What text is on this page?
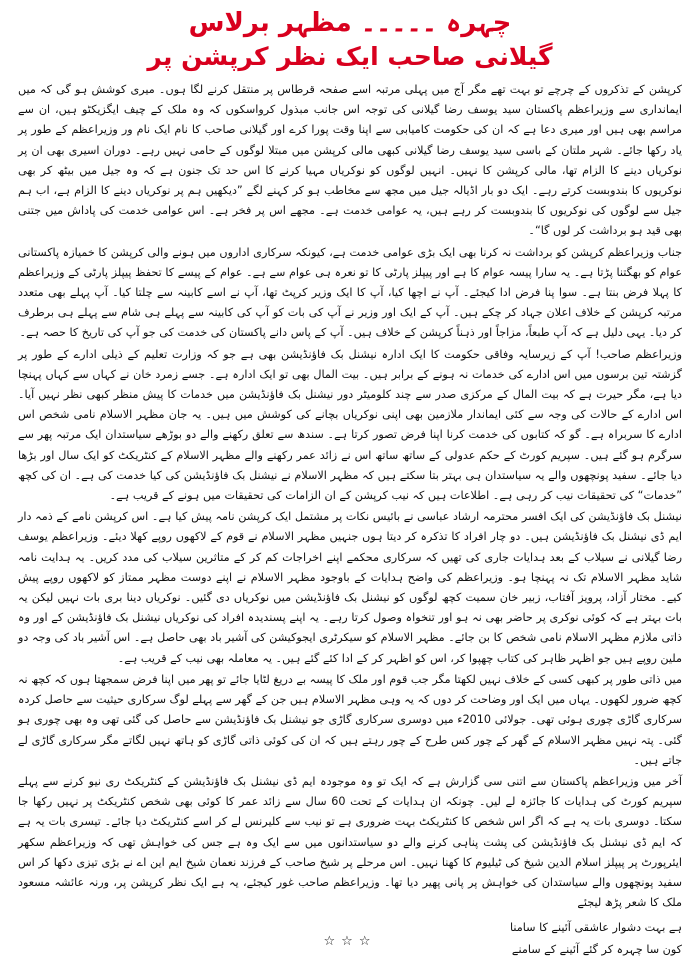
چہرہ ۔۔۔۔۔ مظہر برلاس
گیلانی صاحب ایک نظر کرپشن پر

کرپشن کے تذکروں کے چرچے تو بہت تھے مگر آج میں پہلی مرتبہ اسے صفحہ قرطاس پر منتقل کرنے لگا ہوں۔ میری کوشش ہو گی کہ میں ایمانداری سے وزیراعظم پاکستان سید یوسف رضا گیلانی کی توجہ اس جانب مبذول کرواسکوں کہ وہ ملک کے چیف ایگزیکٹو ہیں، ان سے مراسم بھی ہیں اور میری دعا ہے کہ ان کی حکومت کامیابی سے اپنا وقت پورا کرے اور گیلانی صاحب کا نام ایک نام ور وزیراعظم کے طور پر یاد رکھا جائے۔ شہر ملتان کے باسی سید یوسف رضا گیلانی کبھی مالی کرپشن میں مبتلا لوگوں کے حامی نہیں رہے۔ دوران اسیری بھی ان پر نوکریاں دینے کا الزام تھا، مالی کرپشن کا نہیں۔ انہیں لوگوں کو نوکریاں مہیا کرنے کا اس حد تک جنون ہے کہ وہ جیل میں بیٹھ کر بھی نوکریوں کا بندوبست کرتے رہے۔ ایک دو بار اڈیالہ جیل میں مجھ سے مخاطب ہو کر کہنے لگے ”دیکھیں ہم پر نوکریاں دینے کا الزام ہے، اب ہم جیل سے لوگوں کی نوکریوں کا بندوبست کر رہے ہیں، یہ عوامی خدمت ہے۔ مجھے اس پر فخر ہے۔ اس عوامی خدمت کی پاداش میں جتنی بھی قید ہو برداشت کر لوں گا“۔

جناب وزیراعظم کرپشن کو برداشت نہ کرنا بھی ایک بڑی عوامی خدمت ہے، کیونکہ سرکاری اداروں میں ہونے والی کرپشن کا خمیازہ پاکستانی عوام کو بھگتنا پڑتا ہے۔ یہ سارا پیسہ عوام کا ہے اور پیپلز پارٹی کا تو نعرہ ہی عوام سے ہے۔ عوام کے پیسے کا تحفظ پیپلز پارٹی کے وزیراعظم کا پہلا فرض بنتا ہے۔ سوا پنا فرض ادا کیجئے۔ آپ نے اچھا کیا، آپ کا ایک وزیر کرپٹ تھا، آپ نے اسے کابینہ سے چلتا کیا۔ آپ پہلے بھی متعدد مرتبہ کرپشن کے خلاف اعلان جہاد کر چکے ہیں۔ آپ کے ایک اور وزیر نے آپ کی بات کو آپ کی کابینہ سے پہلے ہی شام سے پہلے ہی برطرف کر دیا۔ یہی دلیل ہے کہ آپ طبعاً، مزاجاً اور ذہناً کرپشن کے خلاف ہیں۔ آپ کے پاس دانے پاکستان کی خدمت کی جو آپ کی تاریخ کا حصہ ہے۔

وزیراعظم صاحب! آپ کے زیرسایہ وفاقی حکومت کا ایک ادارہ نیشنل بک فاؤنڈیشن بھی ہے جو کہ وزارت تعلیم کے ذیلی ادارے کے طور پر گزشتہ تین برسوں میں اس ادارے کی خدمات نہ ہونے کے برابر ہیں۔ بیت المال بھی تو ایک ادارہ ہے۔ جسے زمرد خان نے کہاں سے کہاں پہنچا دیا ہے، مگر حیرت ہے کہ بیت المال کے مرکزی صدر سے چند کلومیٹر دور نیشنل بک فاؤنڈیشن میں خدمات کا پیش منظر کبھی نظر نہیں آیا۔ اس ادارے کے حالات کی وجہ سے کئی ایماندار ملازمین بھی اپنی نوکریاں بچانے کی کوشش میں ہیں۔ یہ جان مظہر الاسلام نامی شخص اس ادارے کا سربراہ ہے۔ گو کہ کتابوں کی خدمت کرنا اپنا فرض تصور کرتا ہے۔ سندھ سے تعلق رکھنے والے دو بوڑھے سیاستدان ایک مرتبہ پھر سے سرگرم ہو گئے ہیں۔ سپریم کورٹ کے حکم عدولی کے ساتھ ساتھ اس نے زائد عمر رکھنے والے مظہر الاسلام کے کنٹریکٹ کو ایک سال اور بڑھا دیا جائے۔ سفید پونچھوں والے یہ سیاستدان ہی بہتر بتا سکتے ہیں کہ مظہر الاسلام نے نیشنل بک فاؤنڈیشن کی کیا خدمت کی ہے۔ ان کی کچھ ”خدمات“ کی تحقیقات نیب کر رہی ہے۔ اطلاعات ہیں کہ نیب کرپشن کے ان الزامات کی تحقیقات میں ہونے کے قریب ہے۔

نیشنل بک فاؤنڈیشن کی ایک افسر محترمہ ارشاد عباسی نے بائیس نکات پر مشتمل ایک کرپشن نامہ پیش کیا ہے۔ اس کرپشن نامے کے ذمہ دار ایم ڈی نیشنل بک فاؤنڈیشن ہیں۔ دو چار افراد کا تذکرہ کر دیتا ہوں جنہیں مظہر الاسلام نے قوم کے لاکھوں روپے کھلا دیئے۔ وزیراعظم یوسف رضا گیلانی نے سیلاب کے بعد ہدایات جاری کی تھیں کہ سرکاری محکمے اپنے اخراجات کم کر کے متاثرین سیلاب کی مدد کریں۔ یہ ہدایت نامہ شاید مظہر الاسلام تک نہ پہنچا ہو۔ وزیراعظم کی واضح ہدایات کے باوجود مظہر الاسلام نے اپنے دوست مظہر ممتاز کو لاکھوں روپے پیش کیے۔ مختار آزاد، پرویز آفتاب، زبیر خان سمیت کچھ لوگوں کو نیشنل بک فاؤنڈیشن میں نوکریاں دی گئیں۔ نوکریاں دینا بری بات نہیں لیکن یہ بات بہتر ہے کہ کوئی نوکری پر حاضر بھی نہ ہو اور تنخواہ وصول کرتا رہے۔ یہ اپنے پسندیدہ افراد کی نوکریاں نیشنل بک فاؤنڈیشن کے اور وہ ذاتی ملازم مظہر الاسلام نامی شخص کا بن جائے۔ مظہر الاسلام کو سیکرٹری ایجوکیشن کی آشیر باد بھی حاصل ہے۔ اس آشیر باد کی وجہ دو ملین روپے ہیں جو اظہر ظاہر کی کتاب چھپوا کر، اس کو اظہر کر کے ادا کئے گئے ہیں۔ یہ معاملہ بھی نیب کے قریب ہے۔

میں ذاتی طور پر کبھی کسی کے خلاف نہیں لکھتا مگر جب قوم اور ملک کا پیسہ بے دریغ لٹایا جائے تو پھر میں اپنا فرض سمجھتا ہوں کہ کچھ نہ کچھ ضرور لکھوں۔ یہاں میں ایک اور وضاحت کر دوں کہ یہ وہی مظہر الاسلام ہیں جن کے گھر سے پہلے لوگ سرکاری حیثیت سے حاصل کردہ سرکاری گاڑی چوری ہوئی تھی۔ جولائی 2010ء میں دوسری سرکاری گاڑی جو نیشنل بک فاؤنڈیشن سے حاصل کی گئی تھی وہ بھی چوری ہو گئی۔ پتہ نہیں مظہر الاسلام کے گھر کے چور کس طرح کے چور رہتے ہیں کہ ان کی کوئی ذاتی گاڑی کو ہاتھ نہیں لگاتے مگر سرکاری گاڑی لے جاتے ہیں۔

آخر میں وزیراعظم پاکستان سے اتنی سی گزارش ہے کہ ایک تو وہ موجودہ ایم ڈی نیشنل بک فاؤنڈیشن کے کنٹریکٹ ری نیو کرنے سے پہلے سپریم کورٹ کی ہدایات کا جائزہ لے لیں۔ چونکہ ان ہدایات کے تحت 60 سال سے زائد عمر کا کوئی بھی شخص کنٹریکٹ پر نہیں رکھا جا سکتا۔ دوسری بات یہ ہے کہ اگر اس شخص کا کنٹریکٹ بہت ضروری ہے تو نیب سے کلیرنس لے کر اسے کنٹریکٹ دیا جائے۔ تیسری بات یہ ہے کہ ایم ڈی نیشنل بک فاؤنڈیشن کی پشت پناہی کرنے والے دو سیاستدانوں میں سے ایک وہ ہے جس کی خواہش تھی کہ وزیراعظم سکھر ایئرپورٹ پر پیپلز اسلام الدین شیخ کی ٹیلیوم کا کھنا نہیں۔ اس مرحلے پر شیخ صاحب کے فرزند نعمان شیخ ایم این اے نے بڑی تیزی دکھا کر اس سفید پونچھوں والے سیاستدان کی خواہش پر پانی پھیر دیا تھا۔ وزیراعظم صاحب غور کیجئے، یہ ہے ایک نظر کرپشن پر، ورنہ عائشہ مسعود ملک کا شعر پڑھ لیجئے

ہے بہت دشوار عاشقی آئینے کا سامنا
کون سا چہرہ کر گئے آئینے کے سامنے
☆☆☆
